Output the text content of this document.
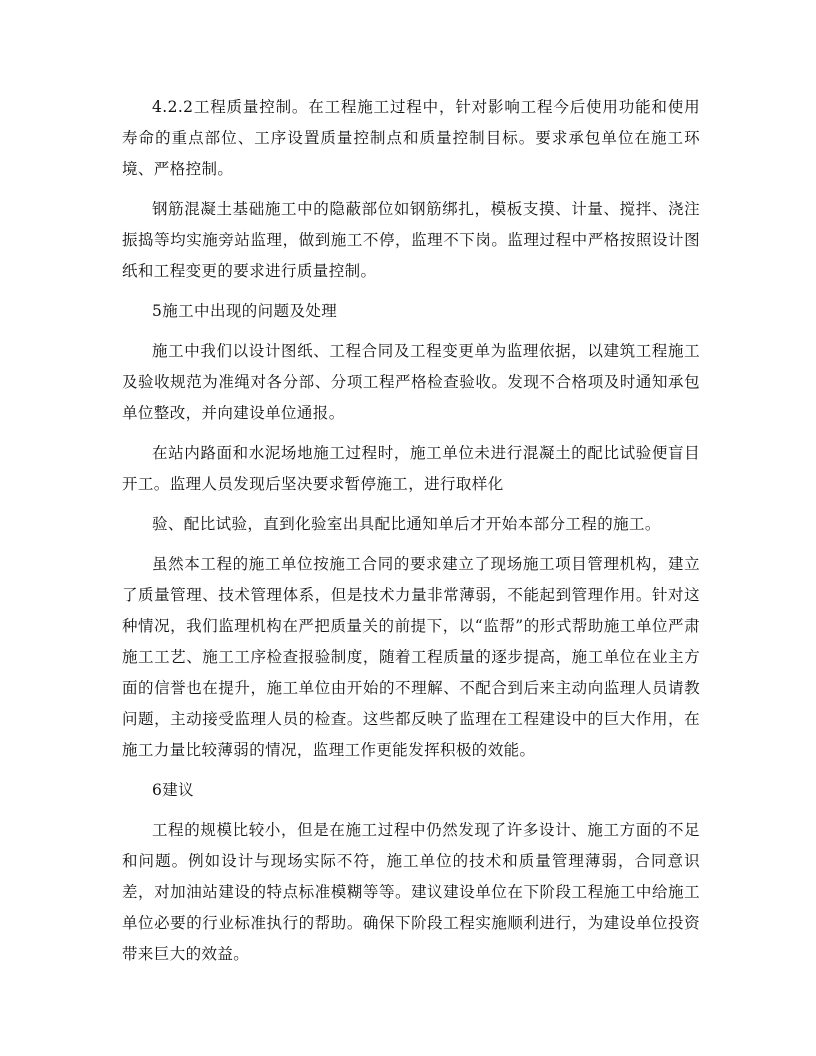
4.2.2工程质量控制。在工程施工过程中，针对影响工程今后使用功能和使用寿命的重点部位、工序设置质量控制点和质量控制目标。要求承包单位在施工环境、严格控制。

钢筋混凝土基础施工中的隐蔽部位如钢筋绑扎，模板支摸、计量、搅拌、浇注振捣等均实施旁站监理，做到施工不停，监理不下岗。监理过程中严格按照设计图纸和工程变更的要求进行质量控制。

5施工中出现的问题及处理

施工中我们以设计图纸、工程合同及工程变更单为监理依据，以建筑工程施工及验收规范为准绳对各分部、分项工程严格检查验收。发现不合格项及时通知承包单位整改，并向建设单位通报。

在站内路面和水泥场地施工过程时，施工单位未进行混凝土的配比试验便盲目开工。监理人员发现后坚决要求暂停施工，进行取样化

验、配比试验，直到化验室出具配比通知单后才开始本部分工程的施工。

虽然本工程的施工单位按施工合同的要求建立了现场施工项目管理机构，建立了质量管理、技术管理体系，但是技术力量非常薄弱，不能起到管理作用。针对这种情况，我们监理机构在严把质量关的前提下，以“监帮”的形式帮助施工单位严肃施工工艺、施工工序检查报验制度，随着工程质量的逐步提高，施工单位在业主方面的信誉也在提升，施工单位由开始的不理解、不配合到后来主动向监理人员请教问题，主动接受监理人员的检查。这些都反映了监理在工程建设中的巨大作用，在施工力量比较薄弱的情况，监理工作更能发挥积极的效能。

6建议

工程的规模比较小，但是在施工过程中仍然发现了许多设计、施工方面的不足和问题。例如设计与现场实际不符，施工单位的技术和质量管理薄弱，合同意识差，对加油站建设的特点标准模糊等等。建议建设单位在下阶段工程施工中给施工单位必要的行业标准执行的帮助。确保下阶段工程实施顺利进行，为建设单位投资带来巨大的效益。
